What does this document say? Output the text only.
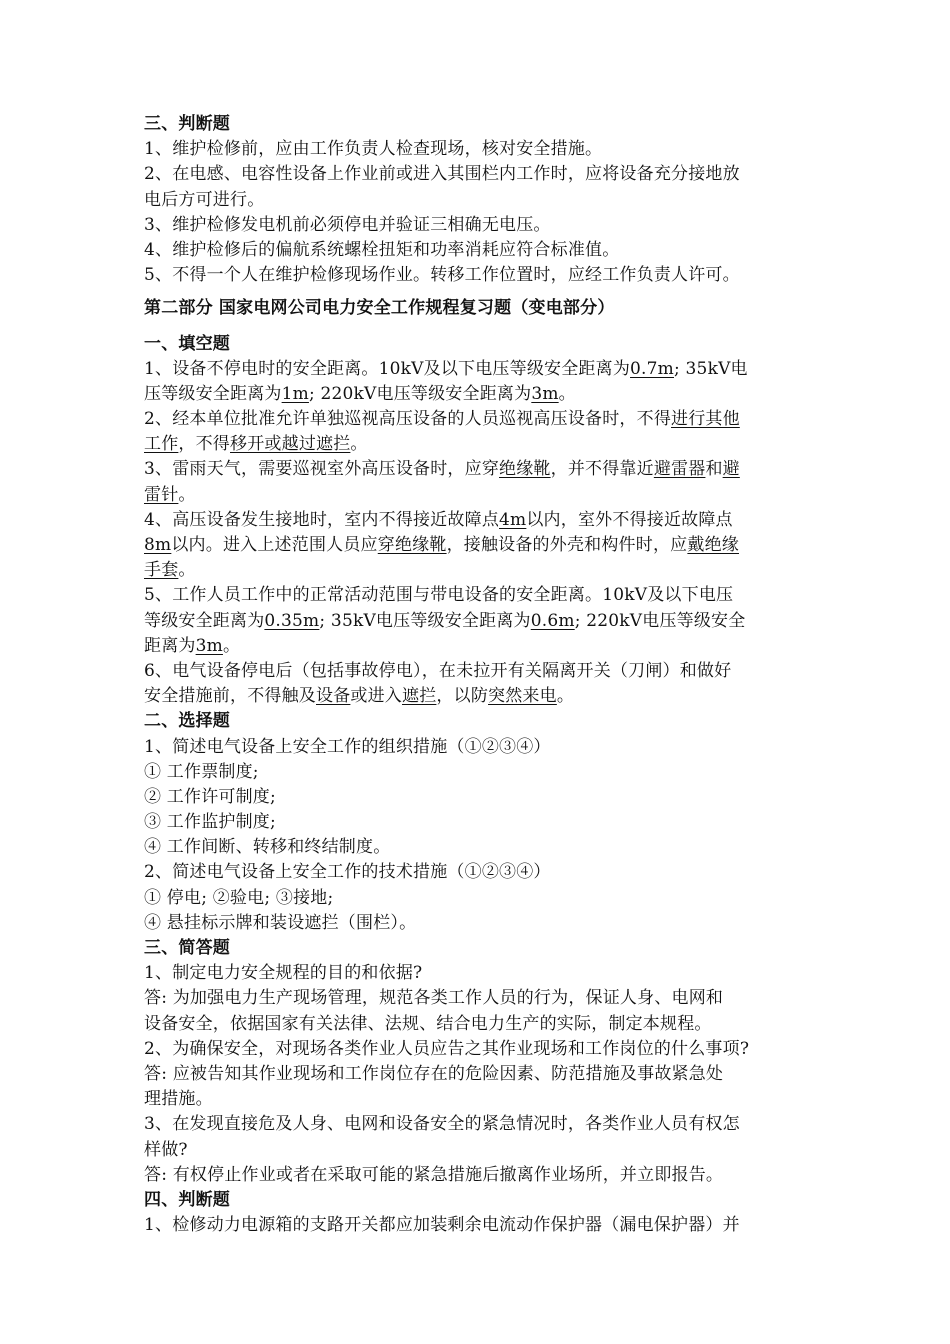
三、判断题
1、维护检修前，应由工作负责人检查现场，核对安全措施。
2、在电感、电容性设备上作业前或进入其围栏内工作时，应将设备充分接地放
电后方可进行。
3、维护检修发电机前必须停电并验证三相确无电压。
4、维护检修后的偏航系统螺栓扭矩和功率消耗应符合标准值。
5、不得一个人在维护检修现场作业。转移工作位置时，应经工作负责人许可。
第二部分 国家电网公司电力安全工作规程复习题（变电部分）
一、填空题
1、设备不停电时的安全距离。10kV及以下电压等级安全距离为0.7m; 35kV电
压等级安全距离为1m; 220kV电压等级安全距离为3m。
2、经本单位批准允许单独巡视高压设备的人员巡视高压设备时，不得进行其他
工作，不得移开或越过遮拦。
3、雷雨天气，需要巡视室外高压设备时，应穿绝缘靴，并不得靠近避雷器和避
雷针。
4、高压设备发生接地时，室内不得接近故障点4m以内，室外不得接近故障点
8m以内。进入上述范围人员应穿绝缘靴，接触设备的外壳和构件时，应戴绝缘
手套。
5、工作人员工作中的正常活动范围与带电设备的安全距离。10kV及以下电压
等级安全距离为0.35m; 35kV电压等级安全距离为0.6m; 220kV电压等级安全
距离为3m。
6、电气设备停电后（包括事故停电），在未拉开有关隔离开关（刀闸）和做好
安全措施前，不得触及设备或进入遮拦，以防突然来电。
二、选择题
1、简述电气设备上安全工作的组织措施（①②③④）
① 工作票制度;
② 工作许可制度;
③ 工作监护制度;
④ 工作间断、转移和终结制度。
2、简述电气设备上安全工作的技术措施（①②③④）
① 停电; ②验电; ③接地;
④ 悬挂标示牌和装设遮拦（围栏）。
三、简答题
1、制定电力安全规程的目的和依据?
答: 为加强电力生产现场管理，规范各类工作人员的行为，保证人身、电网和
设备安全，依据国家有关法律、法规、结合电力生产的实际，制定本规程。
2、为确保安全，对现场各类作业人员应告之其作业现场和工作岗位的什么事项?
答: 应被告知其作业现场和工作岗位存在的危险因素、防范措施及事故紧急处
理措施。
3、在发现直接危及人身、电网和设备安全的紧急情况时，各类作业人员有权怎
样做?
答: 有权停止作业或者在采取可能的紧急措施后撤离作业场所，并立即报告。
四、判断题
1、检修动力电源箱的支路开关都应加装剩余电流动作保护器（漏电保护器）并
